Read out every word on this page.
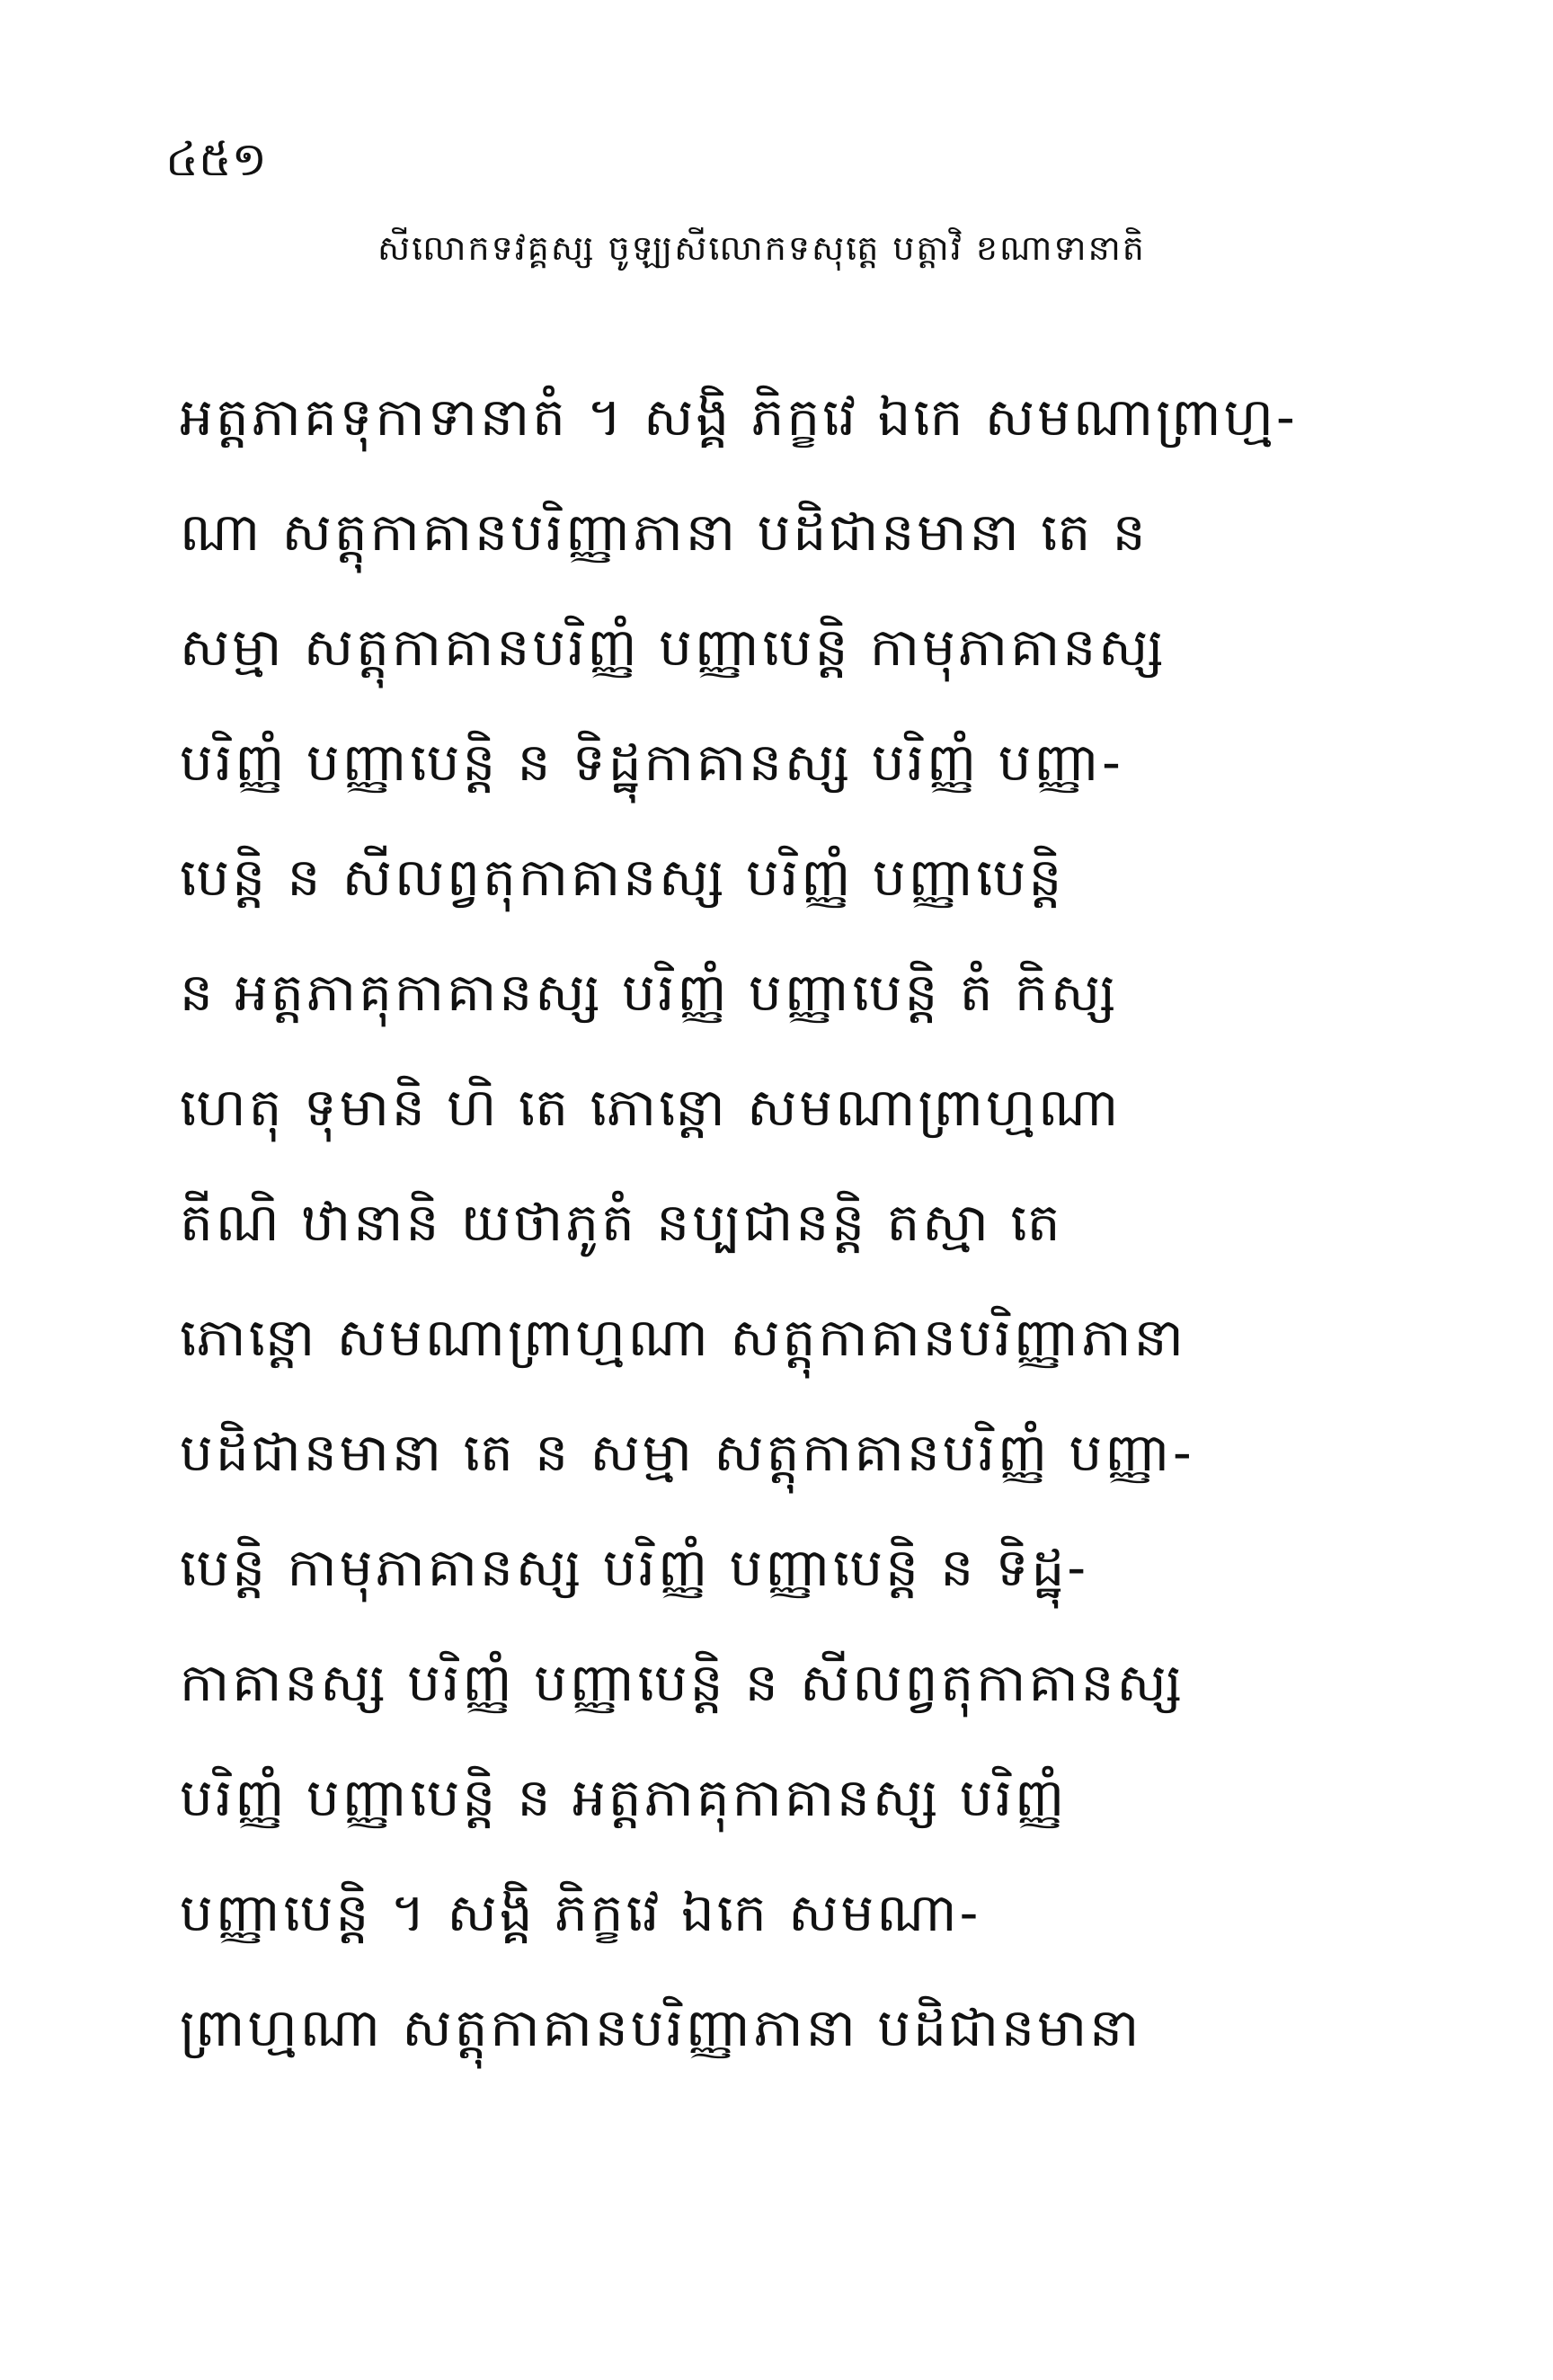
៤៥១
សីលោកទវគ្គស្ស ចូឡ្យសីលោកទសុត្តេ បត្តាវិ ខណាទានាតិ
អត្តភាគទុកាទានាតំ ។ សង្គិ ភិក្ខវេ ឯកេ សមណាព្រាហ្ម-
ណា សត្តុកាគានបរិញ្ញាភានា បដិជានមានា តេ ន
សម្មា សត្តុកាគានបរិញ្ញំ បញ្ញាបេន្តិ កាមុភាគានស្ស
បរិញ្ញំ បញ្ញាបេន្តិ ន ទិដ្ឋុកាគានស្ស បរិញ្ញំ បញ្ញា-
បេន្តិ ន សីលព្វតុកាគានស្ស បរិញ្ញំ បញ្ញាបេន្តិ
ន អត្តភាគុកាគានស្ស បរិញ្ញំ បញ្ញាបេន្តិ តំ កិស្ស
ហេតុ ទុមានិ ហិ តេ ភោន្តោ សមណាព្រាហ្មណា
តីណិ ឋានានិ យថាភូតំ នប្បជានន្តិ តស្មា តេ
ភោន្តោ សមណាព្រាហ្មណា សត្តុកាគានបរិញ្ញាភានា
បដិជានមានា តេ ន សម្មា សត្តុកាគានបរិញ្ញំ បញ្ញា-
បេន្តិ កាមុភាគានស្ស បរិញ្ញំ បញ្ញាបេន្តិ ន ទិដ្ឋុ-
កាគានស្ស បរិញ្ញំ បញ្ញាបេន្តិ ន សីលព្វតុកាគានស្ស
បរិញ្ញំ បញ្ញាបេន្តិ ន អត្តភាគុកាគានស្ស បរិញ្ញំ
បញ្ញាបេន្តិ ។ សង្គិ ភិក្ខវេ ឯកេ សមណា-
ព្រាហ្មណា សត្តុកាគានបរិញ្ញាភានា បដិជានមានា
